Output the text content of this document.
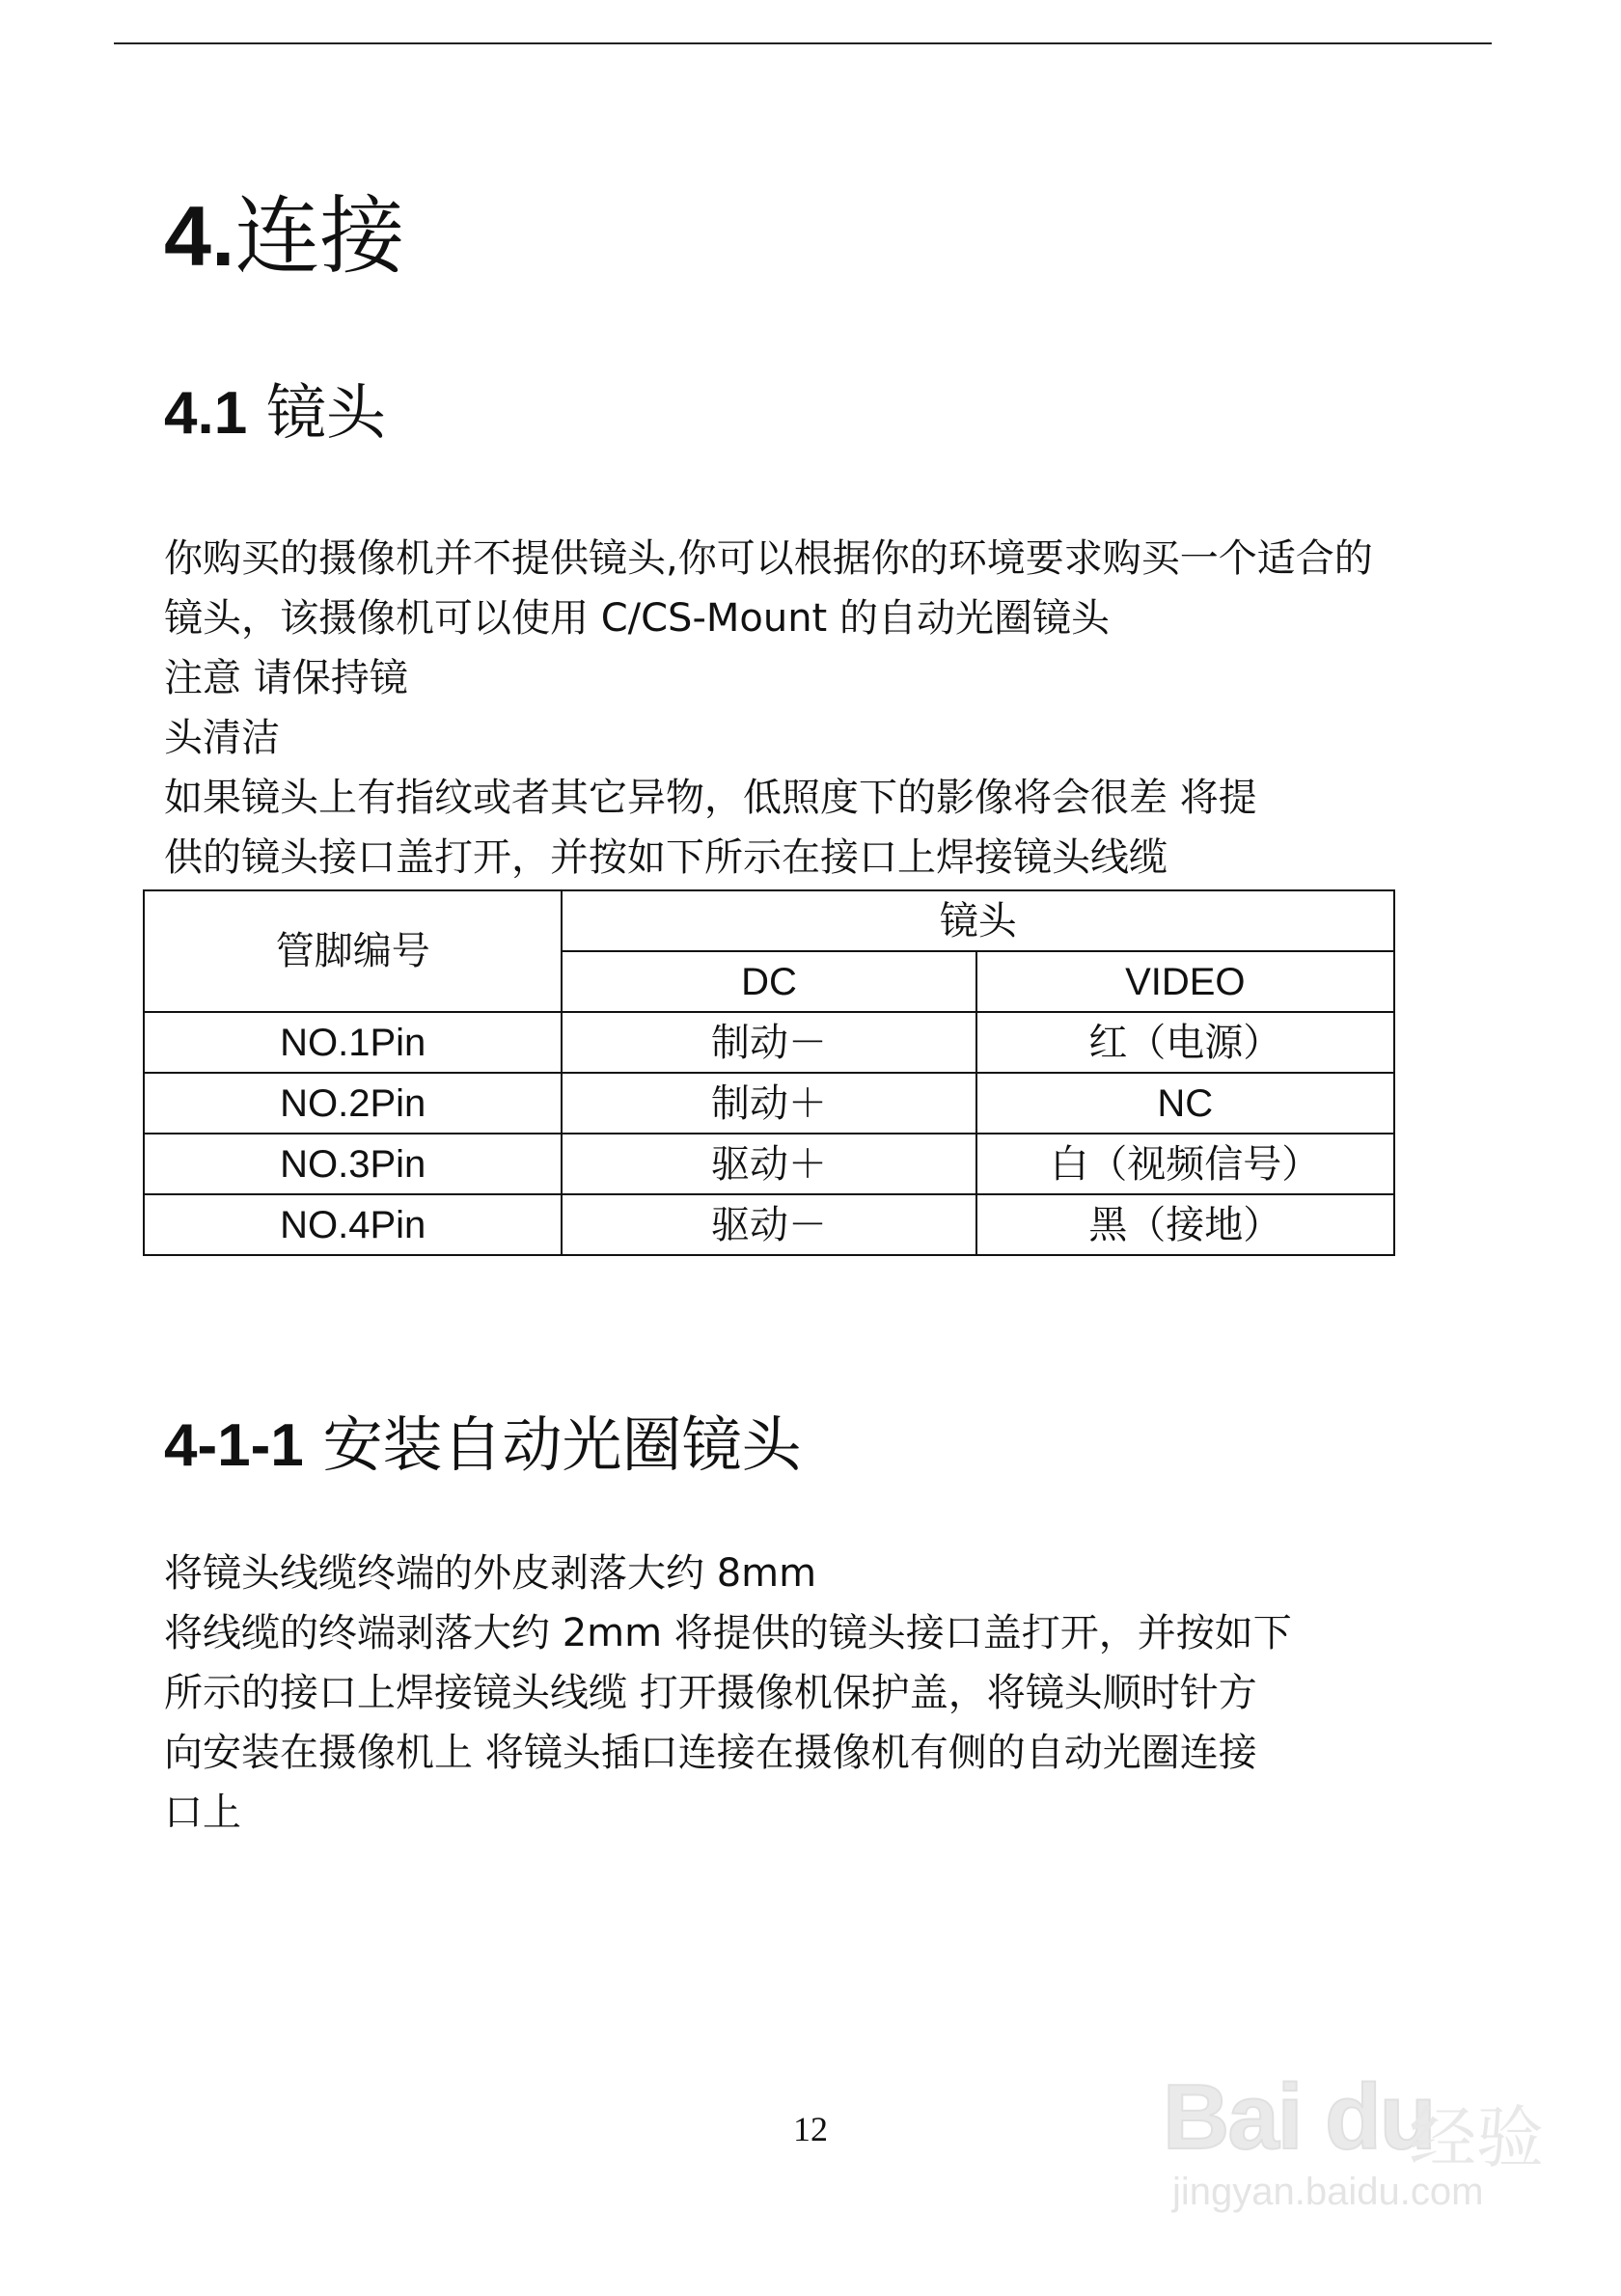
4.连接
4.1 镜头
你购买的摄像机并不提供镜头,你可以根据你的环境要求购买一个适合的
镜头，该摄像机可以使用 C/CS-Mount 的自动光圈镜头
注意 请保持镜
头清洁
如果镜头上有指纹或者其它异物，低照度下的影像将会很差 将提
供的镜头接口盖打开，并按如下所示在接口上焊接镜头线缆
管脚编号	镜头	
	DC	VIDEO
NO.1Pin	制动－	红（电源）
NO.2Pin	制动＋	NC
NO.3Pin	驱动＋	白（视频信号）
NO.4Pin	驱动－	黑（接地）
4-1-1 安装自动光圈镜头
将镜头线缆终端的外皮剥落大约 8mm
将线缆的终端剥落大约 2mm 将提供的镜头接口盖打开，并按如下
所示的接口上焊接镜头线缆 打开摄像机保护盖，将镜头顺时针方
向安装在摄像机上 将镜头插口连接在摄像机有侧的自动光圈连接
口上
12	Bai du
经验
jingyan.baidu.com
